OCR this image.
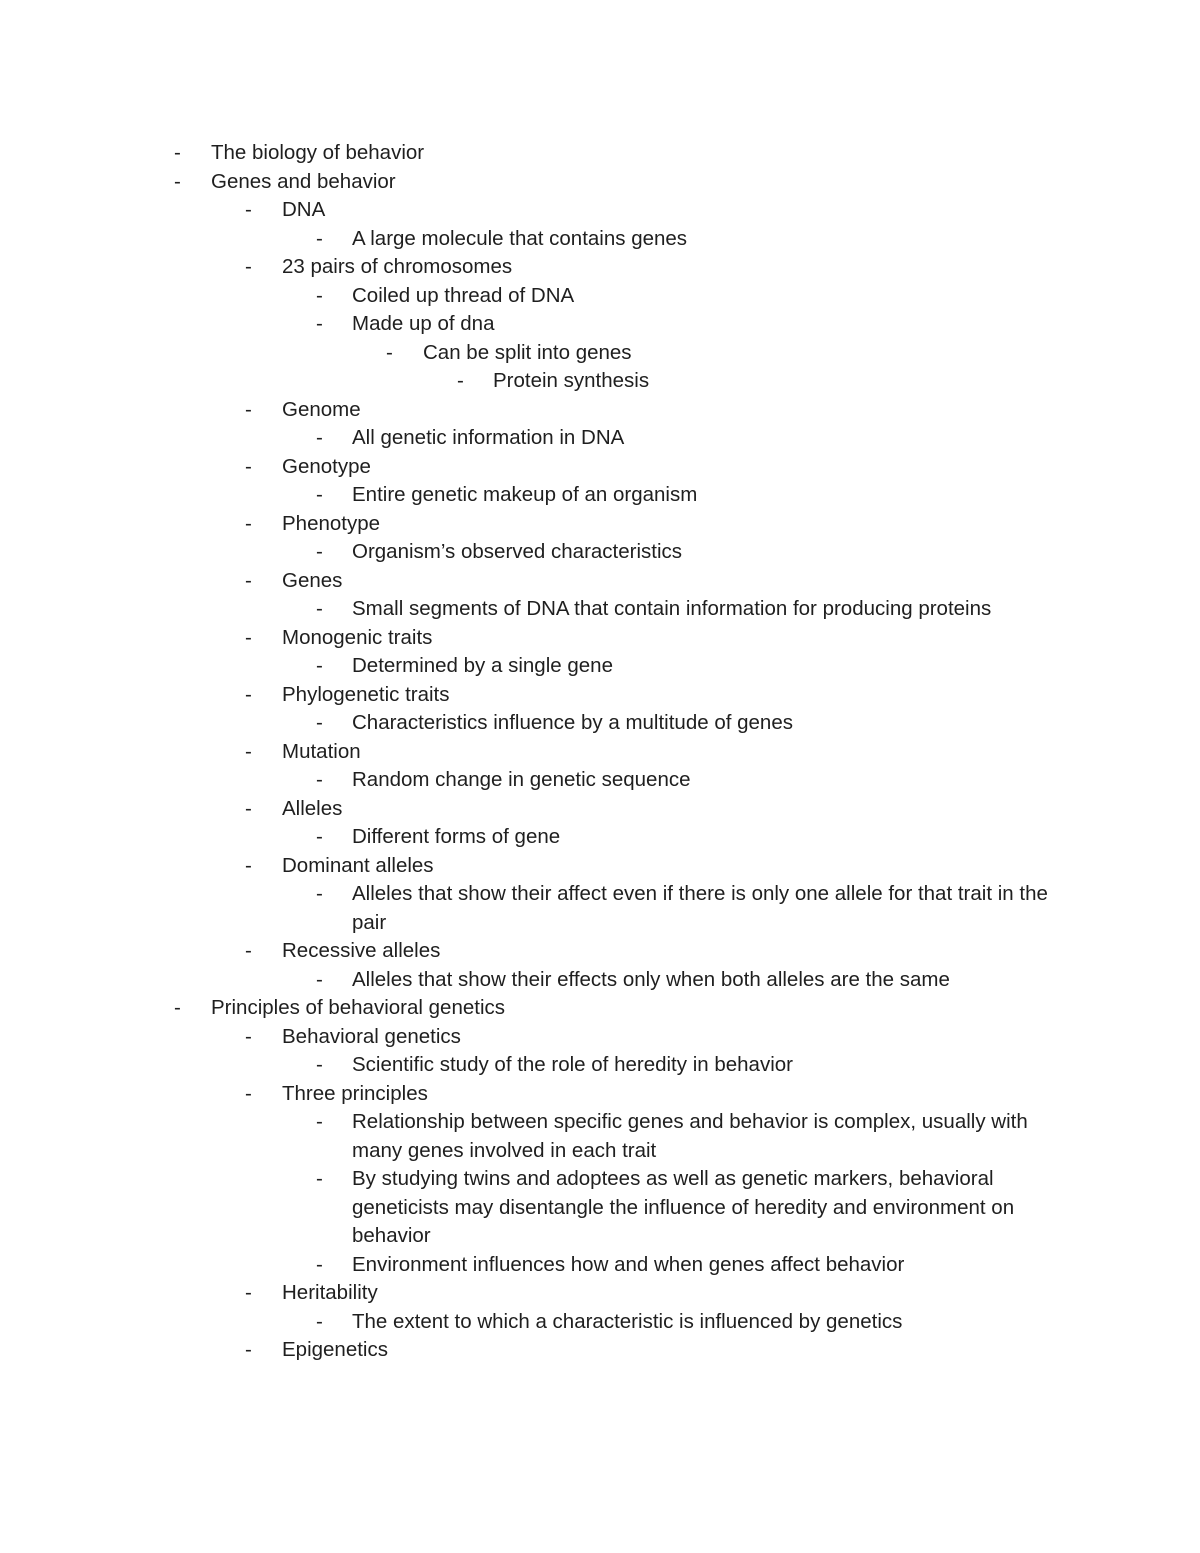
- The biology of behavior
- Genes and behavior
- DNA
- A large molecule that contains genes
- 23 pairs of chromosomes
- Coiled up thread of DNA
- Made up of dna
- Can be split into genes
- Protein synthesis
- Genome
- All genetic information in DNA
- Genotype
- Entire genetic makeup of an organism
- Phenotype
- Organism’s observed characteristics
- Genes
- Small segments of DNA that contain information for producing proteins
- Monogenic traits
- Determined by a single gene
- Phylogenetic traits
- Characteristics influence by a multitude of genes
- Mutation
- Random change in genetic sequence
- Alleles
- Different forms of gene
- Dominant alleles
- Alleles that show their affect even if there is only one allele for that trait in the pair
- Recessive alleles
- Alleles that show their effects only when both alleles are the same
- Principles of behavioral genetics
- Behavioral genetics
- Scientific study of the role of heredity in behavior
- Three principles
- Relationship between specific genes and behavior is complex, usually with many genes involved in each trait
- By studying twins and adoptees as well as genetic markers, behavioral geneticists may disentangle the influence of heredity and environment on behavior
- Environment influences how and when genes affect behavior
- Heritability
- The extent to which a characteristic is influenced by genetics
- Epigenetics
